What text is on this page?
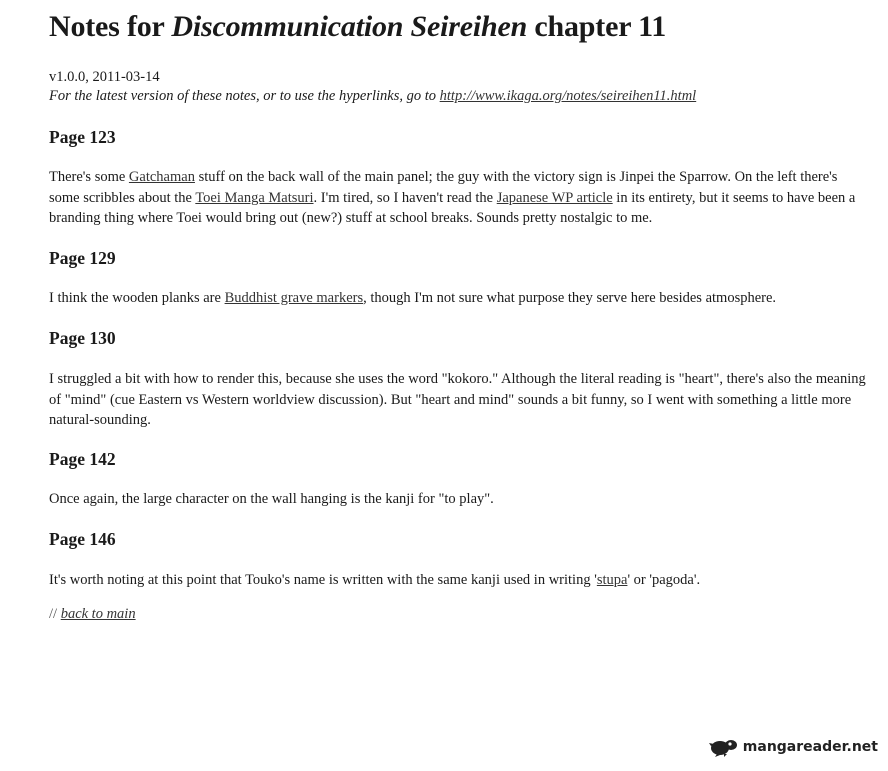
Notes for Discommunication Seireihen chapter 11
v1.0.0, 2011-03-14
For the latest version of these notes, or to use the hyperlinks, go to http://www.ikaga.org/notes/seireihen11.html
Page 123

There's some Gatchaman stuff on the back wall of the main panel; the guy with the victory sign is Jinpei the Sparrow. On the left there's some scribbles about the Toei Manga Matsuri. I'm tired, so I haven't read the Japanese WP article in its entirety, but it seems to have been a branding thing where Toei would bring out (new?) stuff at school breaks. Sounds pretty nostalgic to me.

Page 129

I think the wooden planks are Buddhist grave markers, though I'm not sure what purpose they serve here besides atmosphere.

Page 130

I struggled a bit with how to render this, because she uses the word "kokoro." Although the literal reading is "heart", there's also the meaning of "mind" (cue Eastern vs Western worldview discussion). But "heart and mind" sounds a bit funny, so I went with something a little more natural-sounding.

Page 142

Once again, the large character on the wall hanging is the kanji for "to play".

Page 146

It's worth noting at this point that Touko's name is written with the same kanji used in writing 'stupa' or 'pagoda'.

// back to main
mangareader.net
